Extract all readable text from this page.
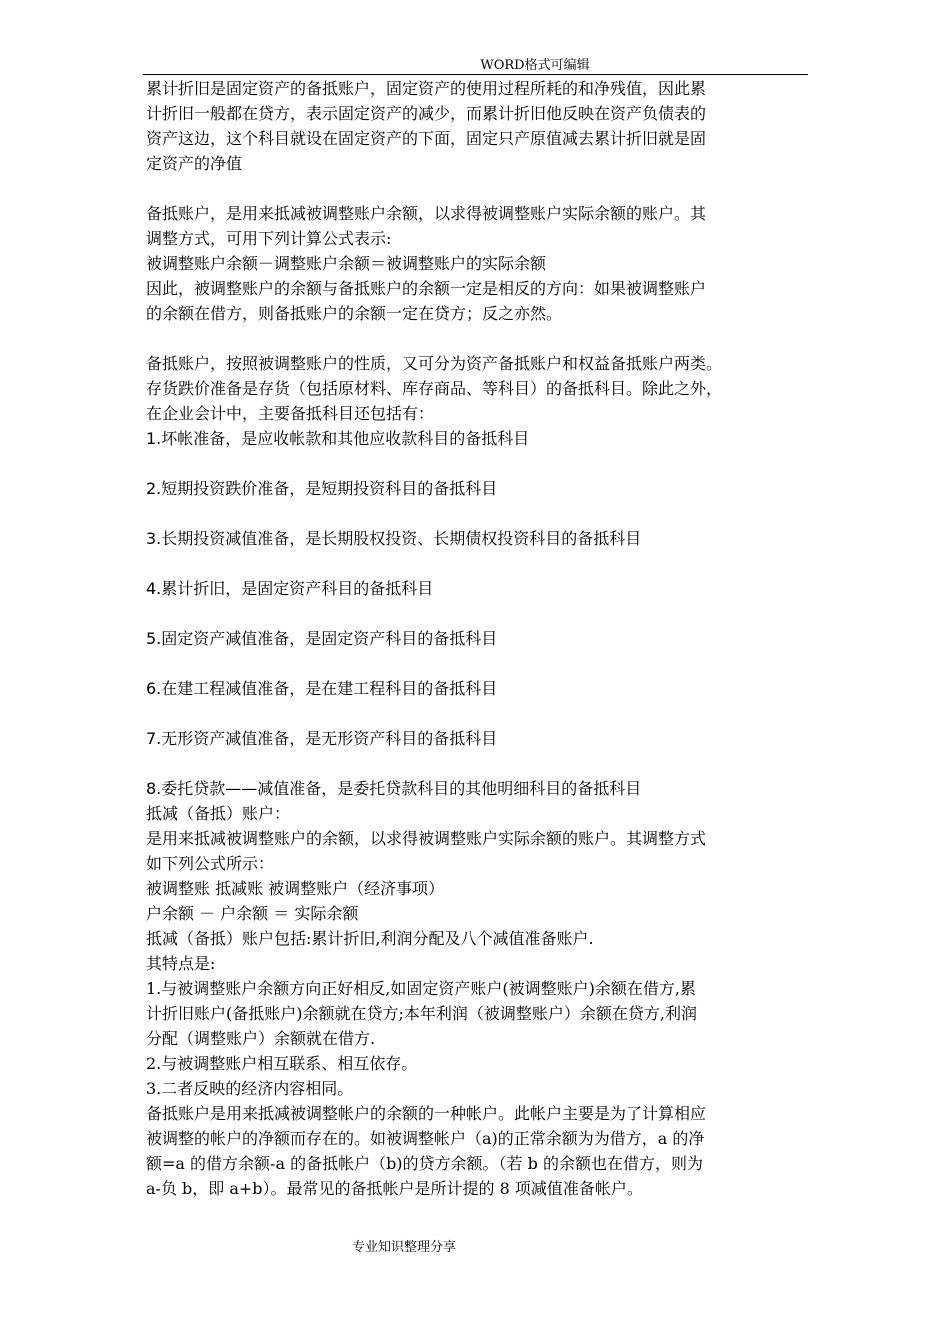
WORD格式可编辑
累计折旧是固定资产的备抵账户，固定资产的使用过程所耗的和净残值，因此累
计折旧一般都在贷方，表示固定资产的减少，而累计折旧他反映在资产负债表的
资产这边，这个科目就设在固定资产的下面，固定只产原值减去累计折旧就是固
定资产的净值
备抵账户，是用来抵减被调整账户余额，以求得被调整账户实际余额的账户。其
调整方式，可用下列计算公式表示:
被调整账户余额－调整账户余额＝被调整账户的实际余额
因此，被调整账户的余额与备抵账户的余额一定是相反的方向：如果被调整账户
的余额在借方，则备抵账户的余额一定在贷方；反之亦然。
备抵账户，按照被调整账户的性质，又可分为资产备抵账户和权益备抵账户两类。
存货跌价准备是存货（包括原材料、库存商品、等科目）的备抵科目。除此之外，
在企业会计中，主要备抵科目还包括有：
1.坏帐准备，是应收帐款和其他应收款科目的备抵科目
2.短期投资跌价准备，是短期投资科目的备抵科目
3.长期投资减值准备，是长期股权投资、长期债权投资科目的备抵科目
4.累计折旧，是固定资产科目的备抵科目
5.固定资产减值准备，是固定资产科目的备抵科目
6.在建工程减值准备，是在建工程科目的备抵科目
7.无形资产减值准备，是无形资产科目的备抵科目
8.委托贷款——减值准备，是委托贷款科目的其他明细科目的备抵科目
抵减（备抵）账户：
是用来抵减被调整账户的余额，以求得被调整账户实际余额的账户。其调整方式
如下列公式所示：
被调整账 抵减账 被调整账户（经济事项）
户余额 － 户余额 ＝ 实际余额
抵减（备抵）账户包括:累计折旧,利润分配及八个减值准备账户.
其特点是:
1.与被调整账户余额方向正好相反,如固定资产账户(被调整账户)余额在借方,累
计折旧账户(备抵账户)余额就在贷方;本年利润（被调整账户）余额在贷方,利润
分配（调整账户）余额就在借方.
2.与被调整账户相互联系、相互依存。
3.二者反映的经济内容相同。
备抵账户是用来抵减被调整帐户的余额的一种帐户。此帐户主要是为了计算相应
被调整的帐户的净额而存在的。如被调整帐户（a)的正常余额为为借方，a 的净
额=a 的借方余额-a 的备抵帐户（b)的贷方余额。（若 b 的余额也在借方，则为
a-负 b，即 a+b）。最常见的备抵帐户是所计提的 8 项减值准备帐户。
专业知识整理分享
